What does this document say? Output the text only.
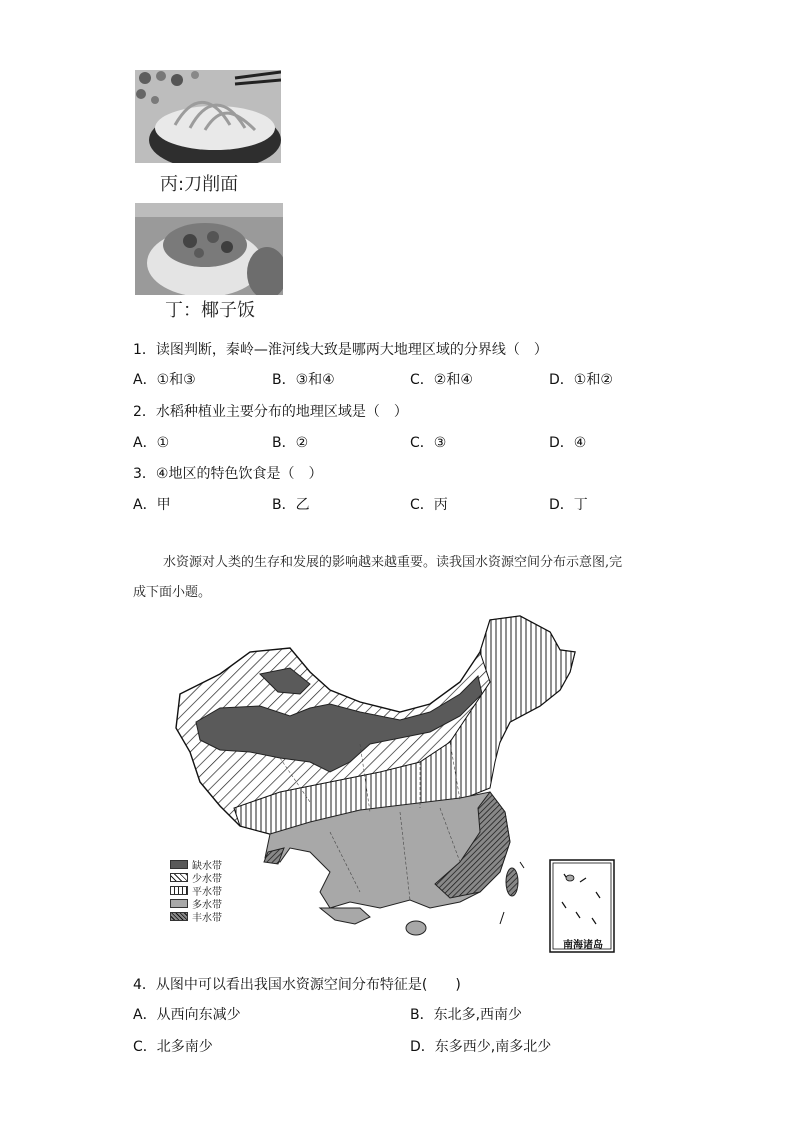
丙:刀削面
丁：椰子饭
1．读图判断，秦岭—淮河线大致是哪两大地理区域的分界线（　）
A．①和③	B．③和④	C．②和④	D．①和②
2．水稻种植业主要分布的地理区域是（　）
A．①	B．②	C．③	D．④
3．④地区的特色饮食是（　）
A．甲	B．乙	C．丙	D．丁
水资源对人类的生存和发展的影响越来越重要。读我国水资源空间分布示意图,完
成下面小题。
南海诸岛
缺水带
少水带
平水带
多水带
丰水带
4．从图中可以看出我国水资源空间分布特征是(　　)
A．从西向东减少	B．东北多,西南少
C．北多南少	D．东多西少,南多北少
